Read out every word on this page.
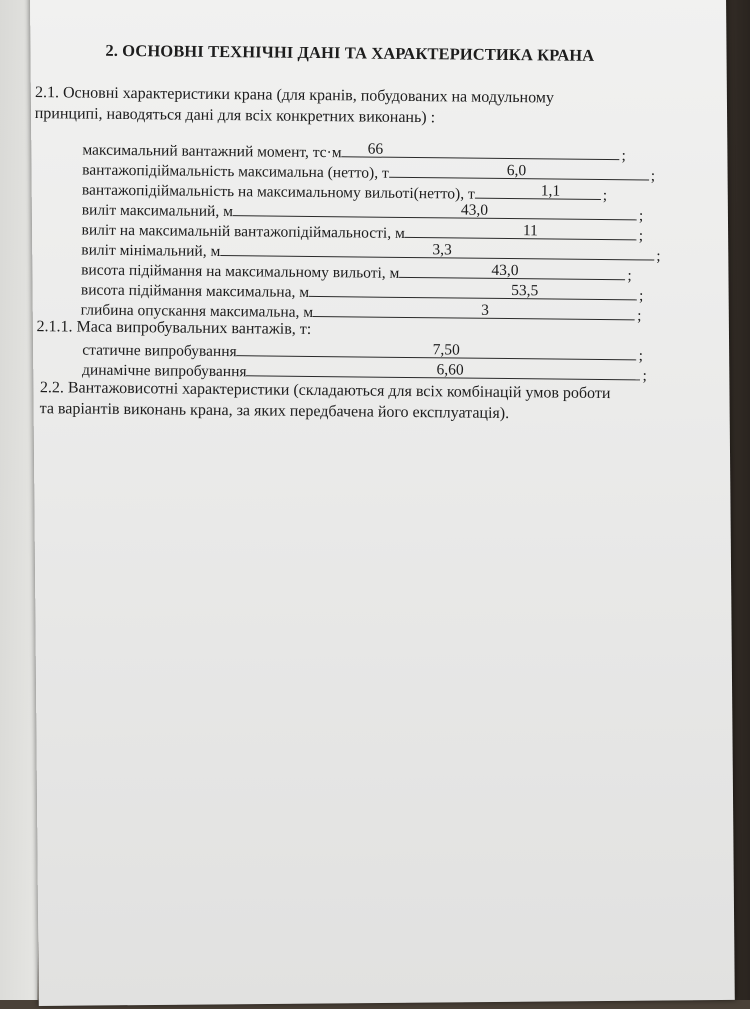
2. ОСНОВНІ ТЕХНІЧНІ ДАНІ ТА ХАРАКТЕРИСТИКА КРАНА
2.1. Основні характеристики крана (для кранів, побудованих на модульному
принципі, наводяться дані для всіх конкретних виконань) :
максимальний вантажний момент, тс·м 66	;
вантажопідіймальність максимальна (нетто), т	6,0	;
вантажопідіймальність на максимальному вильоті(нетто), т	1,1	;
виліт максимальний, м	43,0	;
виліт на максимальній вантажопідіймальності, м	11	;
виліт мінімальний, м	3,3	;
висота підіймання на максимальному вильоті, м	43,0	;
висота підіймання максимальна, м	53,5	;
глибина опускання максимальна, м	3	;
2.1.1. Маса випробувальних вантажів, т:
статичне випробування	7,50	;
динамічне випробування	6,60	;
2.2. Вантажовисотні характеристики (складаються для всіх комбінацій умов роботи
та варіантів виконань крана, за яких передбачена його експлуатація).
